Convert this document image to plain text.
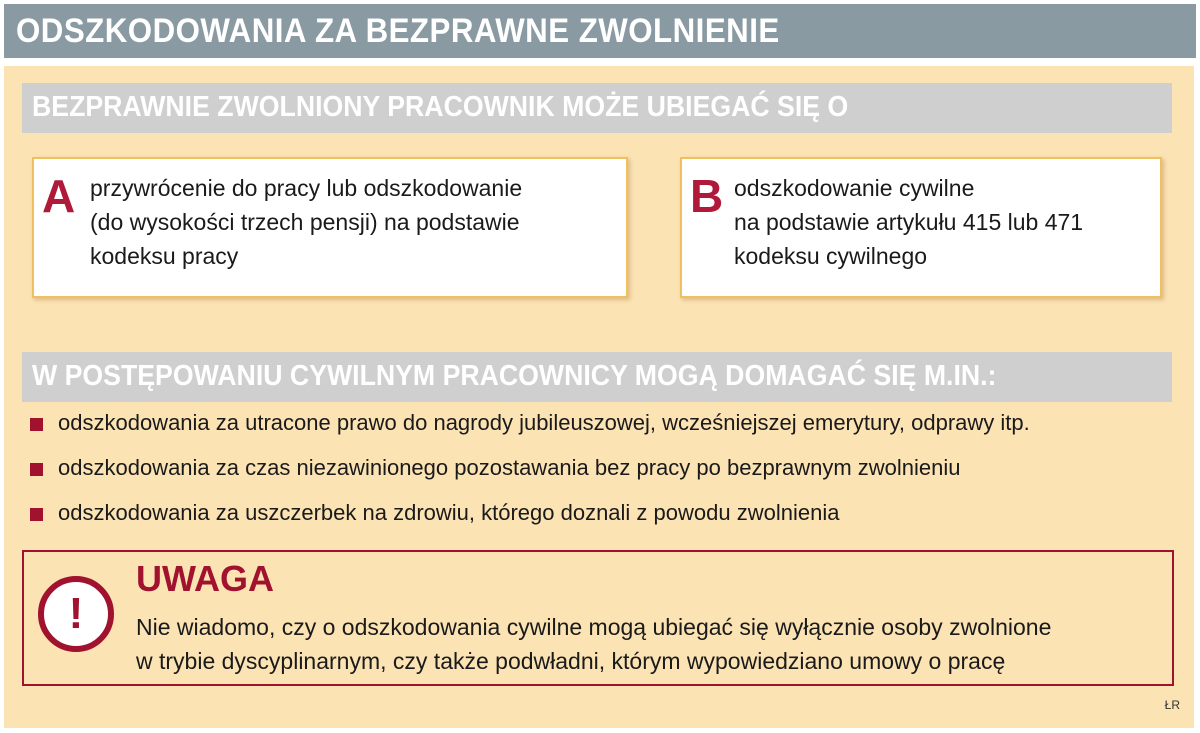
ODSZKODOWANIA ZA BEZPRAWNE ZWOLNIENIE
BEZPRAWNIE ZWOLNIONY PRACOWNIK MOŻE UBIEGAĆ SIĘ O
A przywrócenie do pracy lub odszkodowanie
(do wysokości trzech pensji) na podstawie
kodeksu pracy
B odszkodowanie cywilne
na podstawie artykułu 415 lub 471
kodeksu cywilnego
W POSTĘPOWANIU CYWILNYM PRACOWNICY MOGĄ DOMAGAĆ SIĘ M.IN.:
odszkodowania za utracone prawo do nagrody jubileuszowej, wcześniejszej emerytury, odprawy itp.
odszkodowania za czas niezawinionego pozostawania bez pracy po bezprawnym zwolnieniu
odszkodowania za uszczerbek na zdrowiu, którego doznali z powodu zwolnienia
!
UWAGA
Nie wiadomo, czy o odszkodowania cywilne mogą ubiegać się wyłącznie osoby zwolnione
w trybie dyscyplinarnym, czy także podwładni, którym wypowiedziano umowy o pracę
ŁR
